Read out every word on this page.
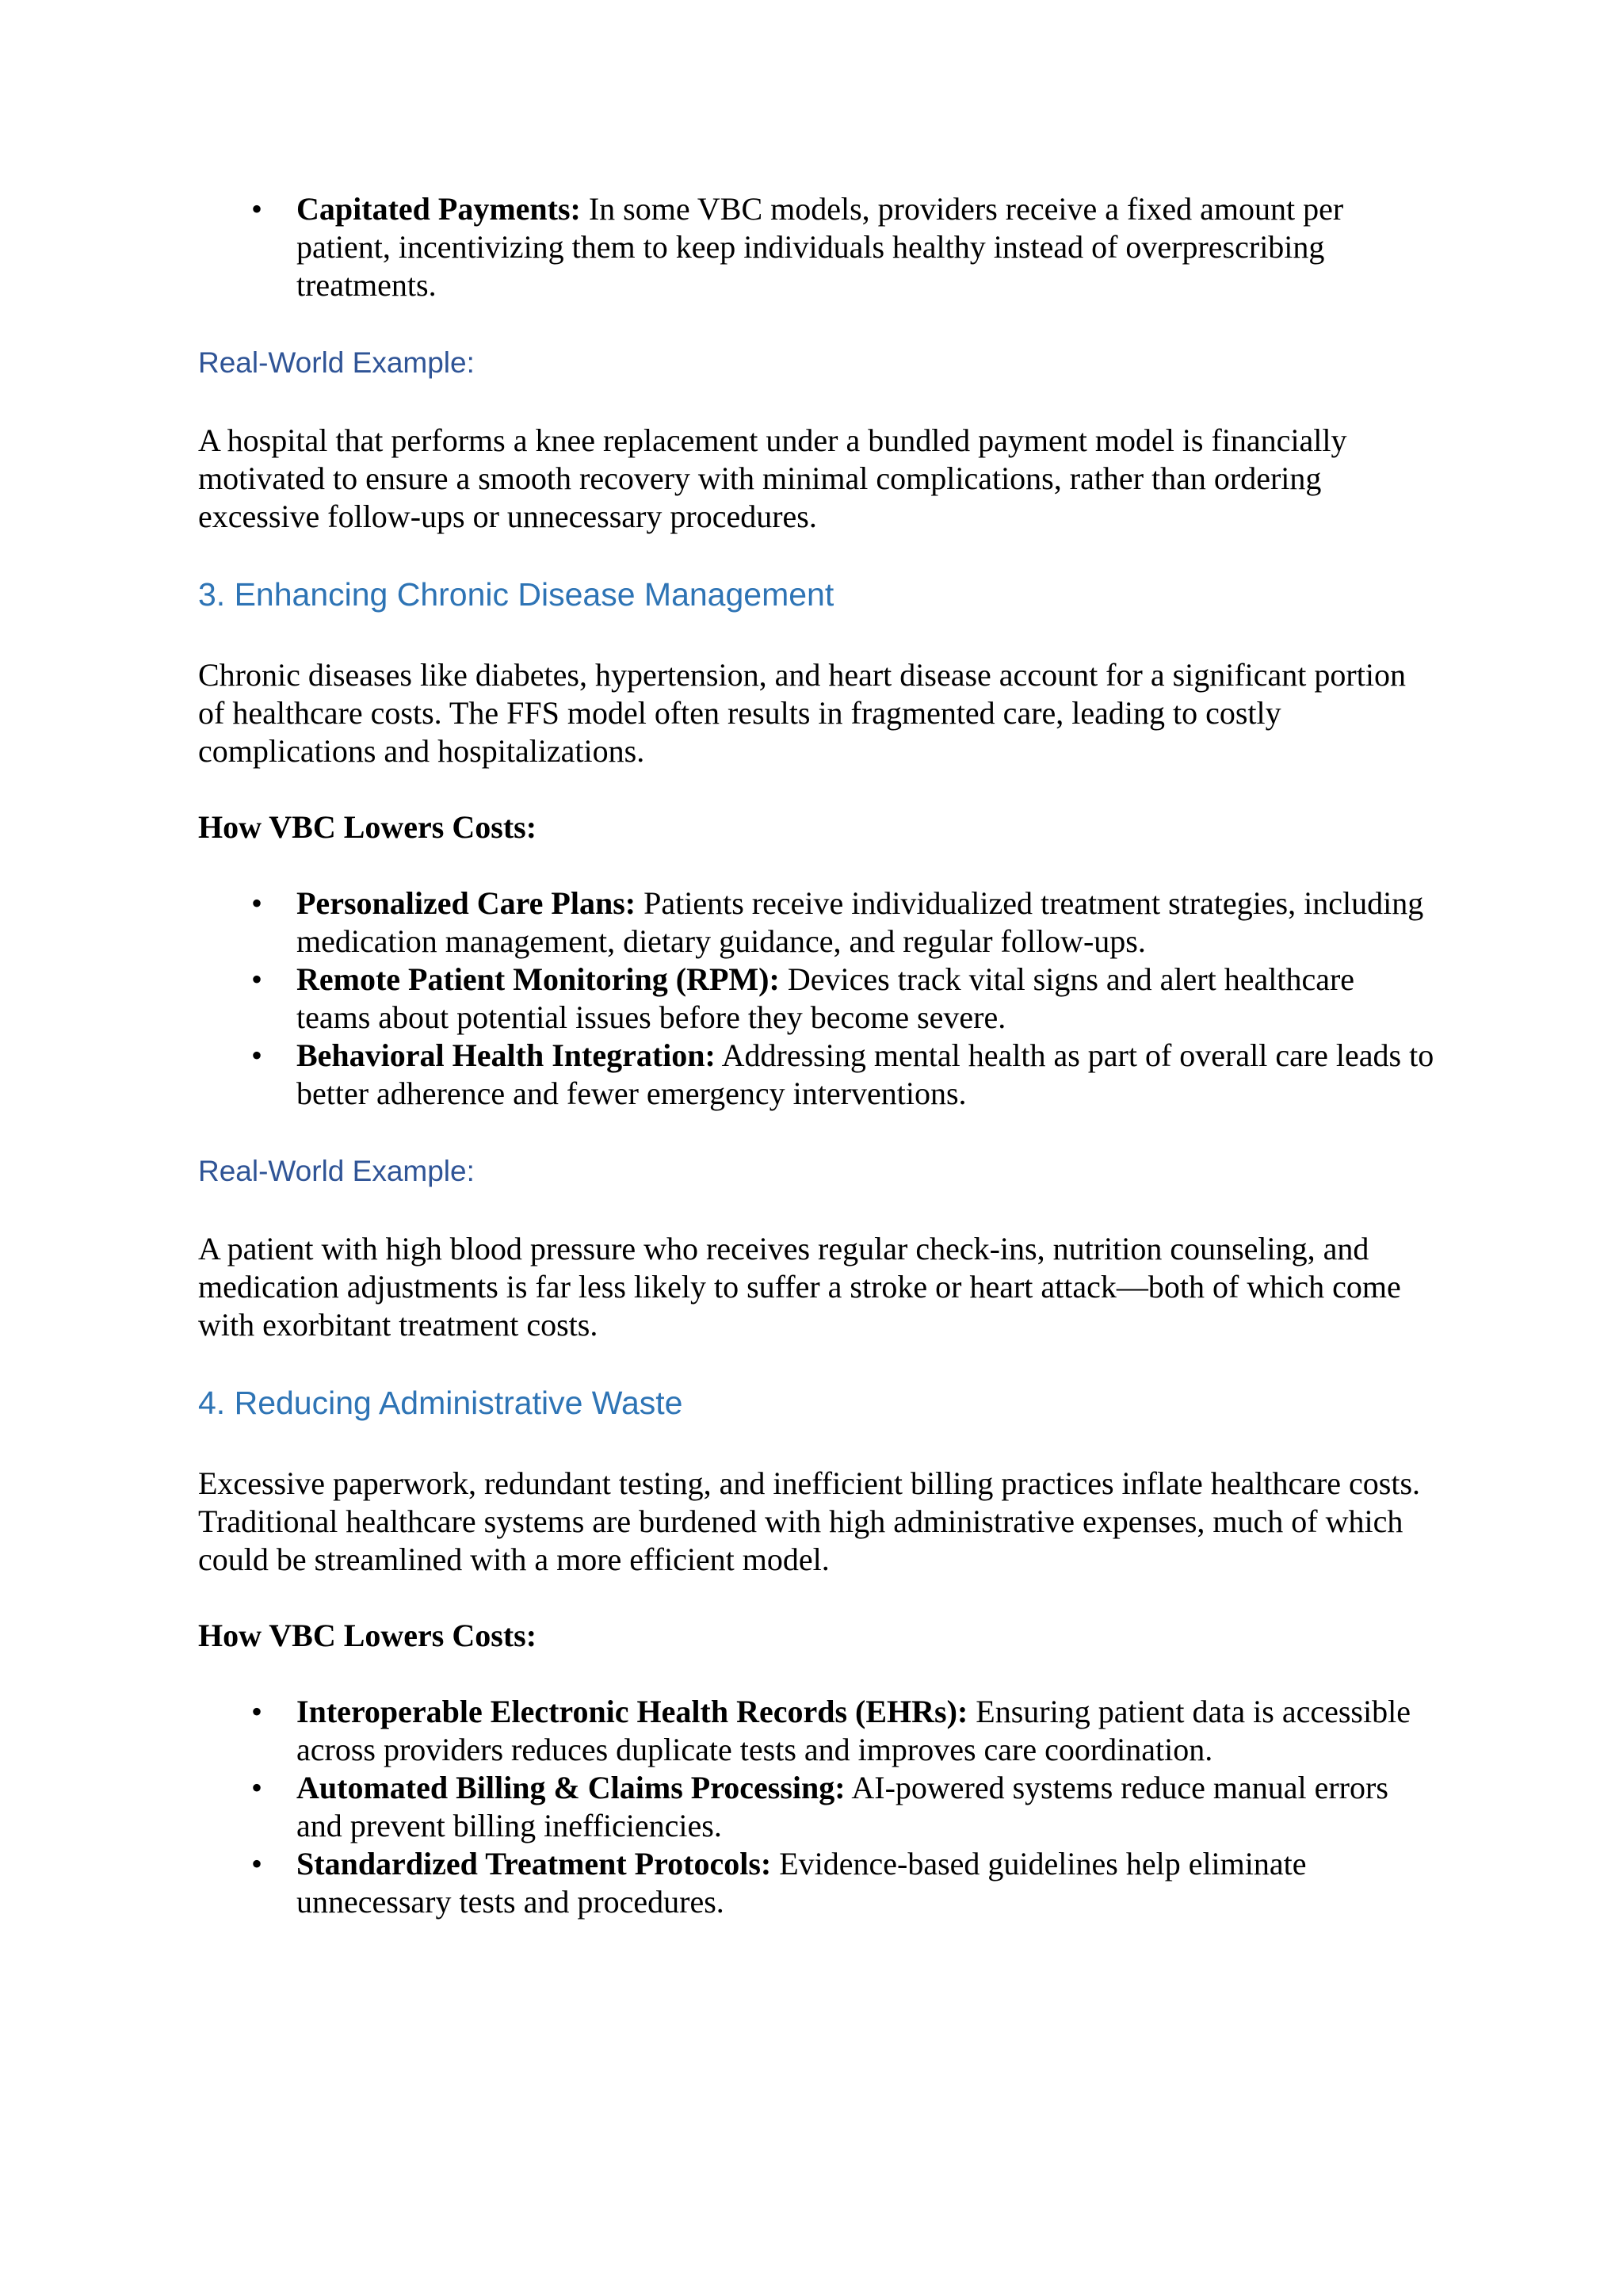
• Capitated Payments: In some VBC models, providers receive a fixed amount per patient, incentivizing them to keep individuals healthy instead of overprescribing treatments.

Real-World Example:

A hospital that performs a knee replacement under a bundled payment model is financially motivated to ensure a smooth recovery with minimal complications, rather than ordering excessive follow-ups or unnecessary procedures.

3. Enhancing Chronic Disease Management

Chronic diseases like diabetes, hypertension, and heart disease account for a significant portion of healthcare costs. The FFS model often results in fragmented care, leading to costly complications and hospitalizations.

How VBC Lowers Costs:

• Personalized Care Plans: Patients receive individualized treatment strategies, including medication management, dietary guidance, and regular follow-ups.
• Remote Patient Monitoring (RPM): Devices track vital signs and alert healthcare teams about potential issues before they become severe.
• Behavioral Health Integration: Addressing mental health as part of overall care leads to better adherence and fewer emergency interventions.

Real-World Example:

A patient with high blood pressure who receives regular check-ins, nutrition counseling, and medication adjustments is far less likely to suffer a stroke or heart attack—both of which come with exorbitant treatment costs.

4. Reducing Administrative Waste

Excessive paperwork, redundant testing, and inefficient billing practices inflate healthcare costs. Traditional healthcare systems are burdened with high administrative expenses, much of which could be streamlined with a more efficient model.

How VBC Lowers Costs:

• Interoperable Electronic Health Records (EHRs): Ensuring patient data is accessible across providers reduces duplicate tests and improves care coordination.
• Automated Billing & Claims Processing: AI-powered systems reduce manual errors and prevent billing inefficiencies.
• Standardized Treatment Protocols: Evidence-based guidelines help eliminate unnecessary tests and procedures.
